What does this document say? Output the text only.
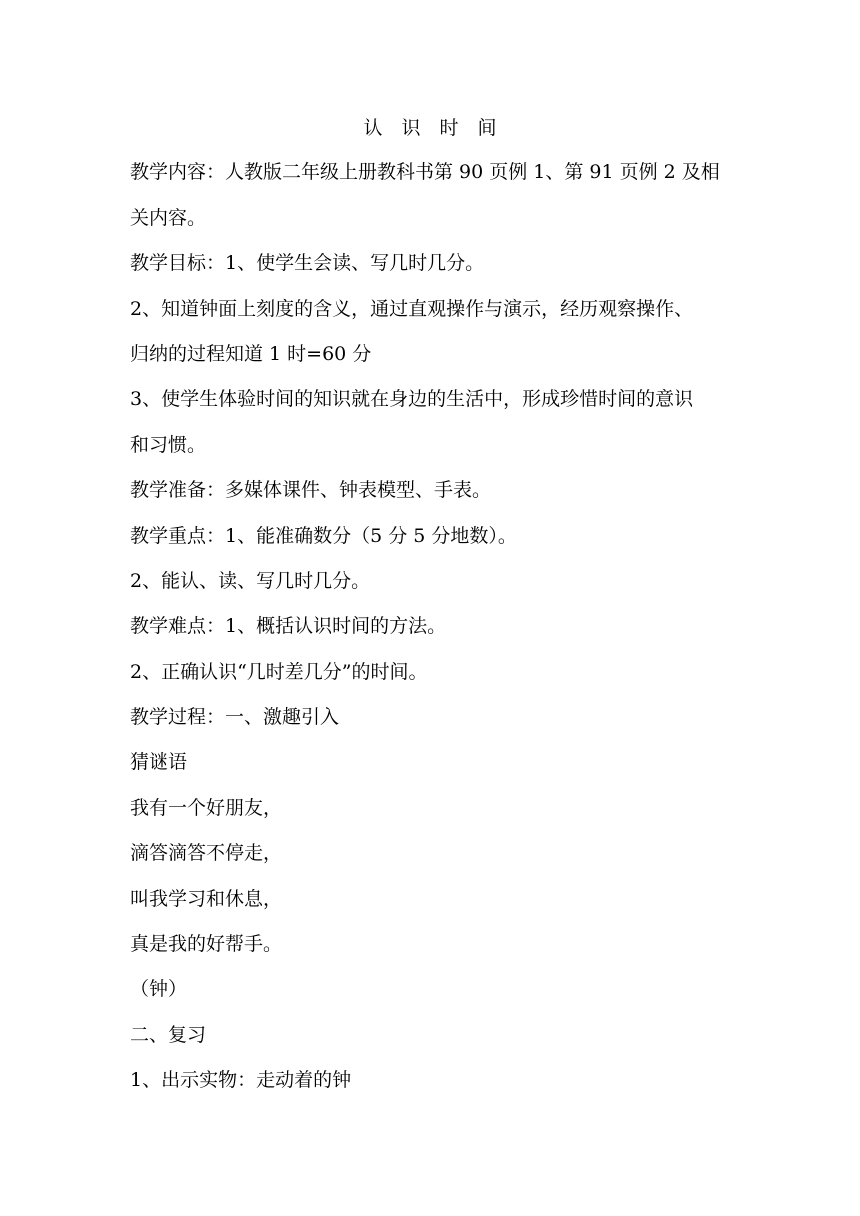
认　识　时　间
教学内容：人教版二年级上册教科书第 90 页例 1、第 91 页例 2 及相
关内容。
教学目标：1、使学生会读、写几时几分。
2、知道钟面上刻度的含义，通过直观操作与演示，经历观察操作、
归纳的过程知道 1 时=60 分
3、使学生体验时间的知识就在身边的生活中，形成珍惜时间的意识
和习惯。
教学准备：多媒体课件、钟表模型、手表。
教学重点：1、能准确数分（5 分 5 分地数）。
2、能认、读、写几时几分。
教学难点：1、概括认识时间的方法。
2、正确认识“几时差几分”的时间。
教学过程：一、激趣引入
猜谜语
我有一个好朋友，
滴答滴答不停走，
叫我学习和休息，
真是我的好帮手。
（钟）
二、复习
1、出示实物：走动着的钟
